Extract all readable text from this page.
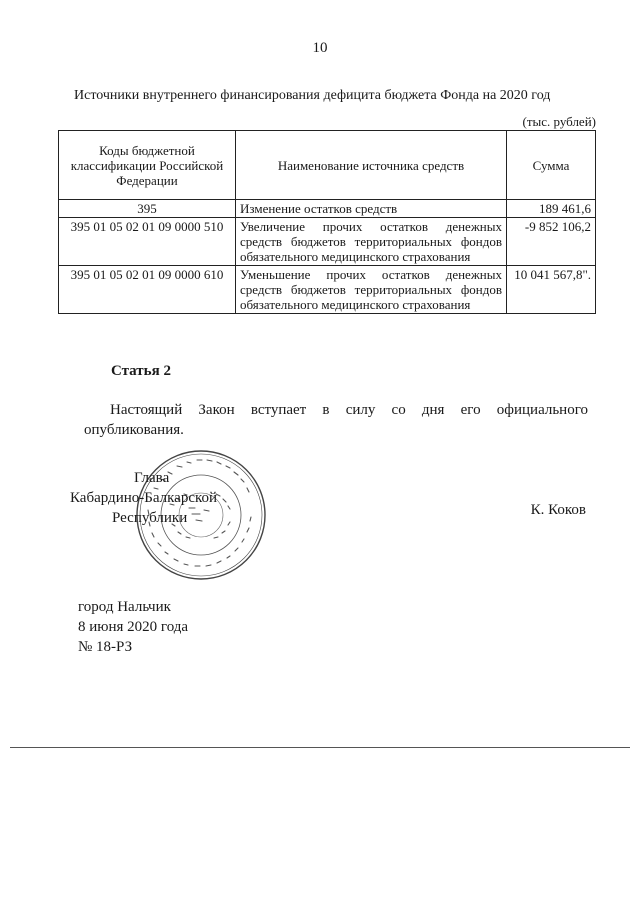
10
Источники внутреннего финансирования дефицита бюджета Фонда на 2020 год
(тыс. рублей)
Коды бюджетной классификации Российской Федерации	Наименование источника средств	Сумма
395	Изменение остатков средств	189 461,6
395 01 05 02 01 09 0000 510	Увеличение прочих остатков денежных средств бюджетов территориальных фондов обязательного медицинского страхования	-9 852 106,2
395 01 05 02 01 09 0000 610	Уменьшение прочих остатков денежных средств бюджетов территориальных фондов обязательного медицинского страхования	10 041 567,8".
Статья 2
Настоящий Закон вступает в силу со дня его официального опубликования.
Глава
Кабардино-Балкарской
Республики	К. Коков
город Нальчик
8 июня 2020 года
№ 18-РЗ
